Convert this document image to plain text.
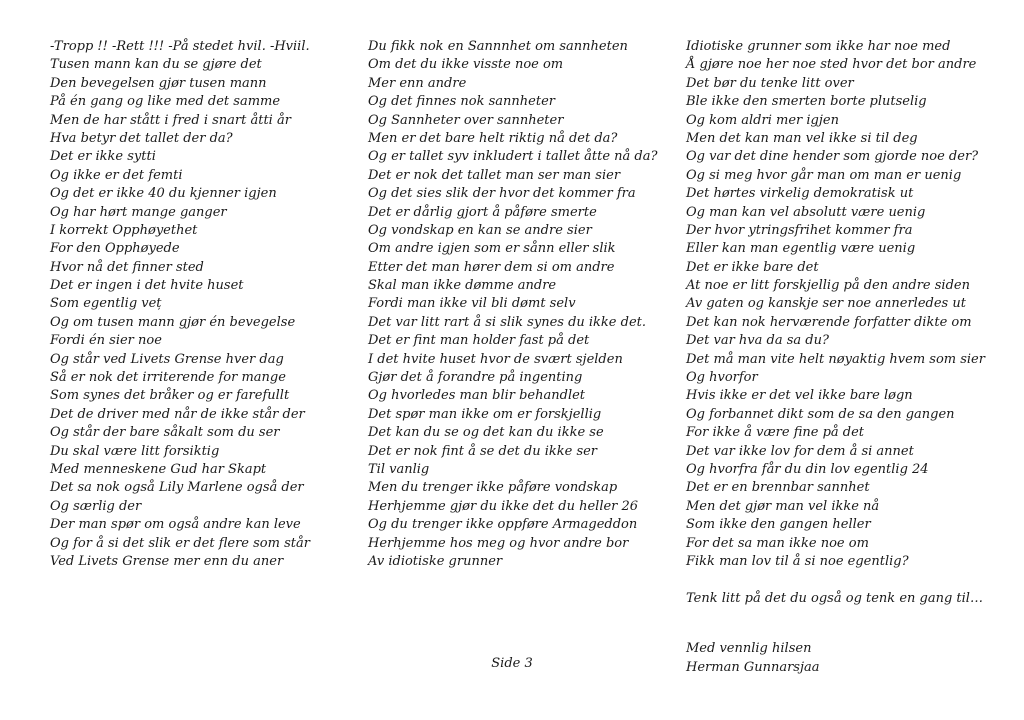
-Tropp !! -Rett !!! -På stedet hvil. -Hviil.
Tusen mann kan du se gjøre det
Den bevegelsen gjør tusen mann
På én gang og like med det samme
Men de har stått i fred i snart åtti år
Hva betyr det tallet der da?
Det er ikke sytti
Og ikke er det femti
Og det er ikke 40 du kjenner igjen
Og har hørt mange ganger
I korrekt Opphøyethet
For den Opphøyede
Hvor nå det finner sted
Det er ingen i det hvite huset
Som egentlig veț
Og om tusen mann gjør én bevegelse
Fordi én sier noe
Og står ved Livets Grense hver dag
Så er nok det irriterende for mange
Som synes det bråker og er farefullt
Det de driver med når de ikke står der
Og står der bare såkalt som du ser
Du skal være litt forsiktig
Med menneskene Gud har Skapt
Det sa nok også Lily Marlene også der
Og særlig der
Der man spør om også andre kan leve
Og for å si det slik er det flere som står
Ved Livets Grense mer enn du aner
Du fikk nok en Sannnhet om sannheten
Om det du ikke visste noe om
Mer enn andre
Og det finnes nok sannheter
Og Sannheter over sannheter
Men er det bare helt riktig nå det da?
Og er tallet syv inkludert i tallet åtte nå da?
Det er nok det tallet man ser man sier
Og det sies slik der hvor det kommer fra
Det er dårlig gjort å påføre smerte
Og vondskap en kan se andre sier
Om andre igjen som er sånn eller slik
Etter det man hører dem si om andre
Skal man ikke dømme andre
Fordi man ikke vil bli dømt selv
Det var litt rart å si slik synes du ikke det.
Det er fint man holder fast på det
I det hvite huset hvor de svært sjelden
Gjør det å forandre på ingenting
Og hvorledes man blir behandlet
Det spør man ikke om er forskjellig
Det kan du se og det kan du ikke se
Det er nok fint å se det du ikke ser
Til vanlig
Men du trenger ikke påføre vondskap
Herhjemme gjør du ikke det du heller 26
Og du trenger ikke oppføre Armageddon
Herhjemme hos meg og hvor andre bor
Av idiotiske grunner
Idiotiske grunner som ikke har noe med
Å gjøre noe her noe sted hvor det bor andre
Det bør du tenke litt over
Ble ikke den smerten borte plutselig
Og kom aldri mer igjen
Men det kan man vel ikke si til deg
Og var det dine hender som gjorde noe der?
Og si meg hvor går man om man er uenig
Det hørtes virkelig demokratisk ut
Og man kan vel absolutt være uenig
Der hvor ytringsfrihet kommer fra
Eller kan man egentlig være uenig
Det er ikke bare det
At noe er litt forskjellig på den andre siden
Av gaten og kanskje ser noe annerledes ut
Det kan nok herværende forfatter dikte om
Det var hva da sa du?
Det må man vite helt nøyaktig hvem som sier
Og hvorfor
Hvis ikke er det vel ikke bare løgn
Og forbannet dikt som de sa den gangen
For ikke å være fine på det
Det var ikke lov for dem å si annet
Og hvorfra får du din lov egentlig 24
Det er en brennbar sannhet
Men det gjør man vel ikke nå
Som ikke den gangen heller
For det sa man ikke noe om
Fikk man lov til å si noe egentlig?
Tenk litt på det du også og tenk en gang til…
Med vennlig hilsen
Herman Gunnarsjaa
Side 3
